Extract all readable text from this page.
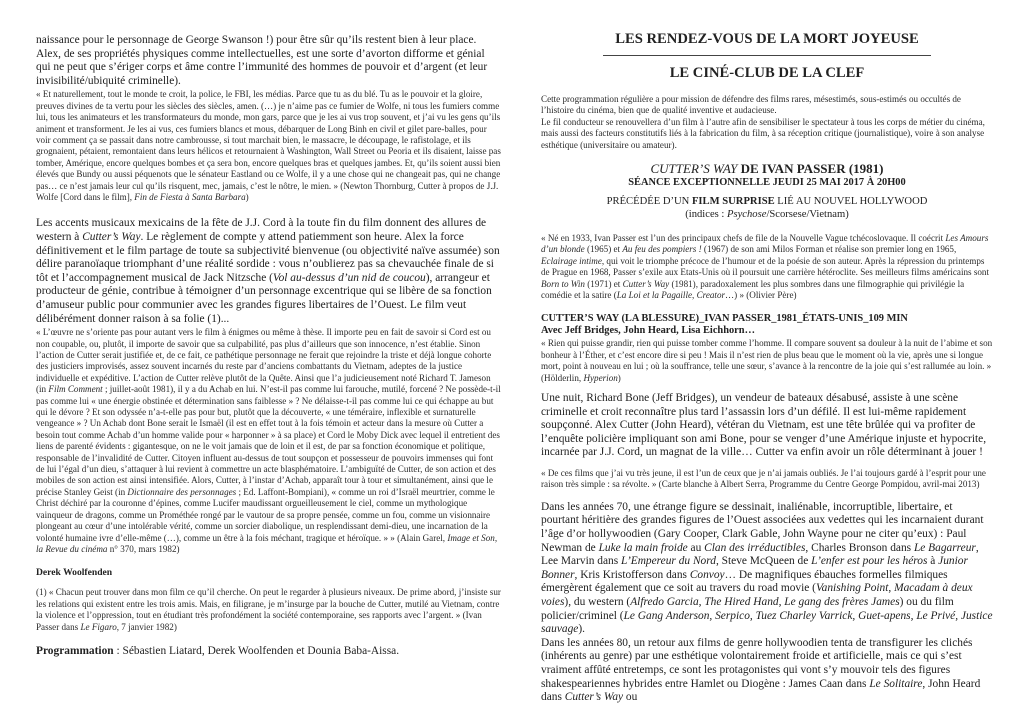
naissance pour le personnage de George Swanson !) pour être sûr qu’ils restent bien à leur place. Alex, de ses propriétés physiques comme intellectuelles, est une sorte d’avorton difforme et génial qui ne peut que s’ériger corps et âme contre l’immunité des hommes de pouvoir et d’argent (et leur invisibilité/ubiquité criminelle).

« Et naturellement, tout le monde te croit, la police, le FBI, les médias. Parce que tu as du blé. Tu as le pouvoir et la gloire, preuves divines de ta vertu pour les siècles des siècles, amen. (…) je n’aime pas ce fumier de Wolfe, ni tous les fumiers comme lui, tous les animateurs et les transformateurs du monde, mon gars, parce que je les ai vus trop souvent, et j’ai vu les gens qu’ils animent et transforment. Je les ai vus, ces fumiers blancs et mous, débarquer de Long Binh en civil et gilet pare-balles, pour voir comment ça se passait dans notre cambrousse, si tout marchait bien, le massacre, le découpage, le rafistolage, et ils grognaient, pétaient, remontaient dans leurs hélicos et retournaient à Washington, Wall Street ou Peoria et ils disaient, laisse pas tomber, Amérique, encore quelques bombes et ça sera bon, encore quelques bras et quelques jambes. Et, qu’ils soient aussi bien élevés que Bundy ou aussi péquenots que le sénateur Eastland ou ce Wolfe, il y a une chose qui ne changeait pas, qui ne change pas… ce n’est jamais leur cul qu’ils risquent, mec, jamais, c’est le nôtre, le mien. » (Newton Thornburg, Cutter à propos de J.J. Wolfe [Cord dans le film], Fin de Fiesta à Santa Barbara)

Les accents musicaux mexicains de la fête de J.J. Cord à la toute fin du film donnent des allures de western à Cutter’s Way. Le règlement de compte y attend patiemment son heure. Alex la force définitivement et le film partage de toute sa subjectivité bienvenue (ou objectivité naïve assumée) son délire paranoïaque triomphant d’une réalité sordide : vous n’oublierez pas sa chevauchée finale de si tôt et l’accompagnement musical de Jack Nitzsche (Vol au-dessus d’un nid de coucou), arrangeur et producteur de génie, contribue à témoigner d’un personnage excentrique qui se libère de sa fonction d’amuseur public pour communier avec les grandes figures libertaires de l’Ouest. Le film veut délibérément donner raison à sa folie (1)...

« L’œuvre ne s’oriente pas pour autant vers le film à énigmes ou même à thèse. Il importe peu en fait de savoir si Cord est ou non coupable, ou, plutôt, il importe de savoir que sa culpabilité, pas plus d’ailleurs que son innocence, n’est établie. Sinon l’action de Cutter serait justifiée et, de ce fait, ce pathétique personnage ne ferait que rejoindre la triste et déjà longue cohorte des justiciers improvisés, assez souvent incarnés du reste par d’anciens combattants du Vietnam, adeptes de la justice individuelle et expéditive. L’action de Cutter relève plutôt de la Quête. Ainsi que l’a judicieusement noté Richard T. Jameson (in Film Comment ; juillet-août 1981), il y a du Achab en lui. N’est-il pas comme lui farouche, mutilé, forcené ? Ne possède-t-il pas comme lui « une énergie obstinée et détermination sans faiblesse » ? Ne délaisse-t-il pas comme lui ce qui échappe au but qui le dévore ? Et son odyssée n’a-t-elle pas pour but, plutôt que la découverte, « une téméraire, inflexible et surnaturelle vengeance » ? Un Achab dont Bone serait le Ismaël (il est en effet tout à la fois témoin et acteur dans la mesure où Cutter a besoin tout comme Achab d’un homme valide pour « harponner » à sa place) et Cord le Moby Dick avec lequel il entretient des liens de parenté évidents : gigantesque, on ne le voit jamais que de loin et il est, de par sa fonction économique et politique, responsable de l’invalidité de Cutter. Citoyen influent au-dessus de tout soupçon et possesseur de pouvoirs immenses qui font de lui l’égal d’un dieu, s’attaquer à lui revient à commettre un acte blasphématoire. L’ambiguïté de Cutter, de son action et des mobiles de son action est ainsi intensifiée. Alors, Cutter, à l’instar d’Achab, apparaît tour à tour et simultanément, ainsi que le précise Stanley Geist (in Dictionnaire des personnages ; Ed. Laffont-Bompiani), « comme un roi d’Israël meurtrier, comme le Christ déchiré par la couronne d’épines, comme Lucifer maudissant orgueilleusement le ciel, comme un mythologique vainqueur de dragons, comme un Prométhée rongé par le vautour de sa propre pensée, comme un fou, comme un visionnaire plongeant au cœur d’une intolérable vérité, comme un sorcier diabolique, un resplendissant demi-dieu, une incarnation de la volonté humaine ivre d’elle-même (…), comme un être à la fois méchant, tragique et héroïque. » » (Alain Garel, Image et Son, la Revue du cinéma n° 370, mars 1982)

Derek Woolfenden

(1) « Chacun peut trouver dans mon film ce qu’il cherche. On peut le regarder à plusieurs niveaux. De prime abord, j’insiste sur les relations qui existent entre les trois amis. Mais, en filigrane, je m’insurge par la bouche de Cutter, mutilé au Vietnam, contre la violence et l’oppression, tout en étudiant très profondément la société contemporaine, ses rapports avec l’argent. » (Ivan Passer dans Le Figaro, 7 janvier 1982)

Programmation : Sébastien Liatard, Derek Woolfenden et Dounia Baba-Aissa.

LES RENDEZ-VOUS DE LA MORT JOYEUSE
LE CINÉ-CLUB DE LA CLEF

Cette programmation régulière a pour mission de défendre des films rares, mésestimés, sous-estimés ou occultés de l’histoire du cinéma, bien que de qualité inventive et audacieuse.

Le fil conducteur se renouvellera d’un film à l’autre afin de sensibiliser le spectateur à tous les corps de métier du cinéma, mais aussi des facteurs constitutifs liés à la fabrication du film, à sa réception critique (journalistique), voire à son analyse esthétique (universitaire ou amateur).

CUTTER’S WAY DE IVAN PASSER (1981)
SÉANCE EXCEPTIONNELLE JEUDI 25 MAI 2017 À 20H00
PRÉCÉDÉE D’UN FILM SURPRISE LIÉ AU NOUVEL HOLLYWOOD
(indices : Psychose/Scorsese/Vietnam)

« Né en 1933, Ivan Passer est l’un des principaux chefs de file de la Nouvelle Vague tchécoslovaque. Il coécrit Les Amours d’un blonde (1965) et Au feu des pompiers ! (1967) de son ami Milos Forman et réalise son premier long en 1965, Eclairage intime, qui voit le triomphe précoce de l’humour et de la poésie de son auteur. Après la répression du printemps de Prague en 1968, Passer s’exile aux Etats-Unis où il poursuit une carrière hétéroclite. Ses meilleurs films américains sont Born to Win (1971) et Cutter’s Way (1981), paradoxalement les plus sombres dans une filmographie qui privilégie la comédie et la satire (La Loi et la Pagaille, Creator…) » (Olivier Père)

CUTTER’S WAY (LA BLESSURE)_IVAN PASSER_1981_ÉTATS-UNIS_109 MIN
Avec Jeff Bridges, John Heard, Lisa Eichhorn…

« Rien qui puisse grandir, rien qui puisse tomber comme l’homme. Il compare souvent sa douleur à la nuit de l’abime et son bonheur à l’Éther, et c’est encore dire si peu ! Mais il n’est rien de plus beau que le moment où la vie, après une si longue mort, point à nouveau en lui ; où la souffrance, telle une sœur, s’avance à la rencontre de la joie qui s’est rallumée au loin. » (Hölderlin, Hyperion)

Une nuit, Richard Bone (Jeff Bridges), un vendeur de bateaux désabusé, assiste à une scène criminelle et croit reconnaître plus tard l’assassin lors d’un défilé. Il est lui-même rapidement soupçonné. Alex Cutter (John Heard), vétéran du Vietnam, est une tête brûlée qui va profiter de l’enquête policière impliquant son ami Bone, pour se venger d’une Amérique injuste et hypocrite, incarnée par J.J. Cord, un magnat de la ville… Cutter va enfin avoir un rôle déterminant à jouer !

« De ces films que j’ai vu très jeune, il est l’un de ceux que je n’ai jamais oubliés. Je l’ai toujours gardé à l’esprit pour une raison très simple : sa révolte. » (Carte blanche à Albert Serra, Programme du Centre George Pompidou, avril-mai 2013)

Dans les années 70, une étrange figure se dessinait, inaliénable, incorruptible, libertaire, et pourtant héritière des grandes figures de l’Ouest associées aux vedettes qui les incarnaient durant l’âge d’or hollywoodien (Gary Cooper, Clark Gable, John Wayne pour ne citer qu’eux) : Paul Newman de Luke la main froide au Clan des irréductibles, Charles Bronson dans Le Bagarreur, Lee Marvin dans L’Empereur du Nord, Steve McQueen de L’enfer est pour les héros à Junior Bonner, Kris Kristofferson dans Convoy… De magnifiques ébauches formelles filmiques émergèrent également que ce soit au travers du road movie (Vanishing Point, Macadam à deux voies), du western (Alfredo Garcia, The Hired Hand, Le gang des frères James) ou du film policier/criminel (Le Gang Anderson, Serpico, Tuez Charley Varrick, Guet-apens, Le Privé, Justice sauvage).

Dans les années 80, un retour aux films de genre hollywoodien tenta de transfigurer les clichés (inhérents au genre) par une esthétique volontairement froide et artificielle, mais ce qui s’est vraiment affûté entretemps, ce sont les protagonistes qui vont s’y mouvoir tels des figures shakespeariennes hybrides entre Hamlet ou Diogène : James Caan dans Le Solitaire, John Heard dans Cutter’s Way ou
